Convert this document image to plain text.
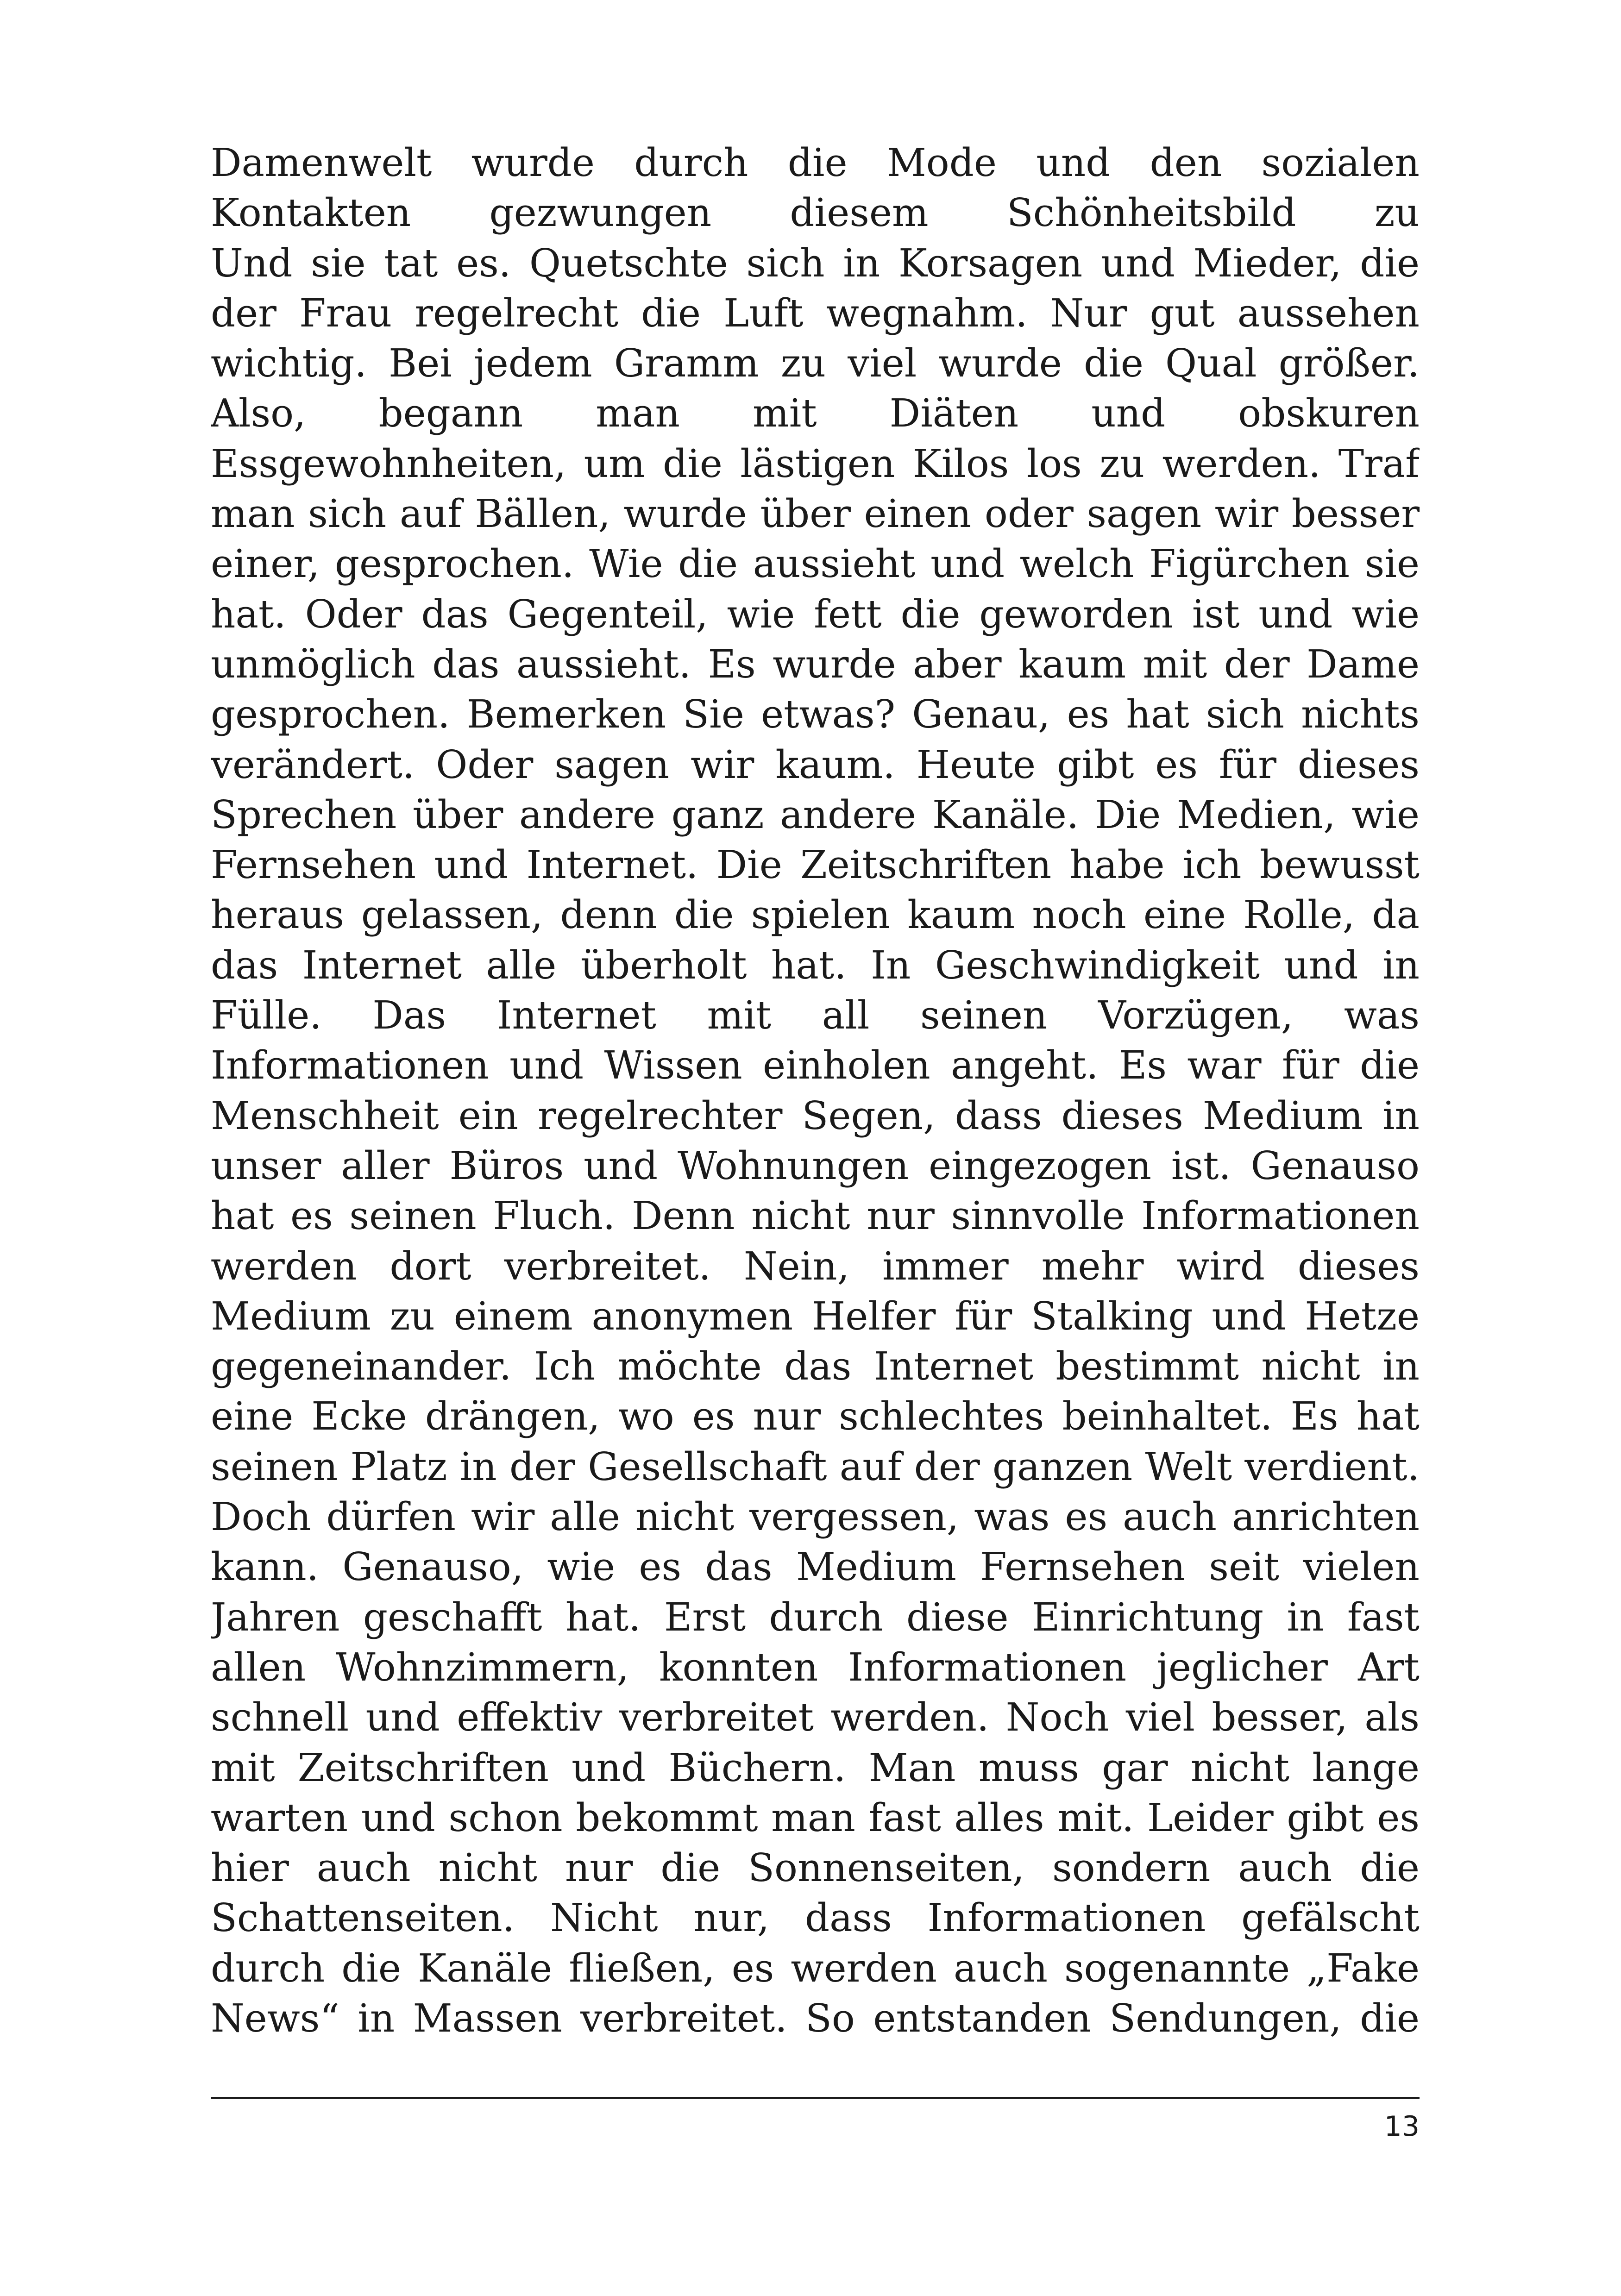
Damenwelt wurde durch die Mode und den sozialen
Kontakten gezwungen diesem Schönheitsbild zu
Und sie tat es. Quetschte sich in Korsagen und Mieder, die
der Frau regelrecht die Luft wegnahm. Nur gut aussehen
wichtig. Bei jedem Gramm zu viel wurde die Qual größer.
Also, begann man mit Diäten und obskuren
Essgewohnheiten, um die lästigen Kilos los zu werden. Traf
man sich auf Bällen, wurde über einen oder sagen wir besser
einer, gesprochen. Wie die aussieht und welch Figürchen sie
hat. Oder das Gegenteil, wie fett die geworden ist und wie
unmöglich das aussieht. Es wurde aber kaum mit der Dame
gesprochen. Bemerken Sie etwas? Genau, es hat sich nichts
verändert. Oder sagen wir kaum. Heute gibt es für dieses
Sprechen über andere ganz andere Kanäle. Die Medien, wie
Fernsehen und Internet. Die Zeitschriften habe ich bewusst
heraus gelassen, denn die spielen kaum noch eine Rolle, da
das Internet alle überholt hat. In Geschwindigkeit und in
Fülle. Das Internet mit all seinen Vorzügen, was
Informationen und Wissen einholen angeht. Es war für die
Menschheit ein regelrechter Segen, dass dieses Medium in
unser aller Büros und Wohnungen eingezogen ist. Genauso
hat es seinen Fluch. Denn nicht nur sinnvolle Informationen
werden dort verbreitet. Nein, immer mehr wird dieses
Medium zu einem anonymen Helfer für Stalking und Hetze
gegeneinander. Ich möchte das Internet bestimmt nicht in
eine Ecke drängen, wo es nur schlechtes beinhaltet. Es hat
seinen Platz in der Gesellschaft auf der ganzen Welt verdient.
Doch dürfen wir alle nicht vergessen, was es auch anrichten
kann. Genauso, wie es das Medium Fernsehen seit vielen
Jahren geschafft hat. Erst durch diese Einrichtung in fast
allen Wohnzimmern, konnten Informationen jeglicher Art
schnell und effektiv verbreitet werden. Noch viel besser, als
mit Zeitschriften und Büchern. Man muss gar nicht lange
warten und schon bekommt man fast alles mit. Leider gibt es
hier auch nicht nur die Sonnenseiten, sondern auch die
Schattenseiten. Nicht nur, dass Informationen gefälscht
durch die Kanäle fließen, es werden auch sogenannte „Fake
News“ in Massen verbreitet. So entstanden Sendungen, die
13
